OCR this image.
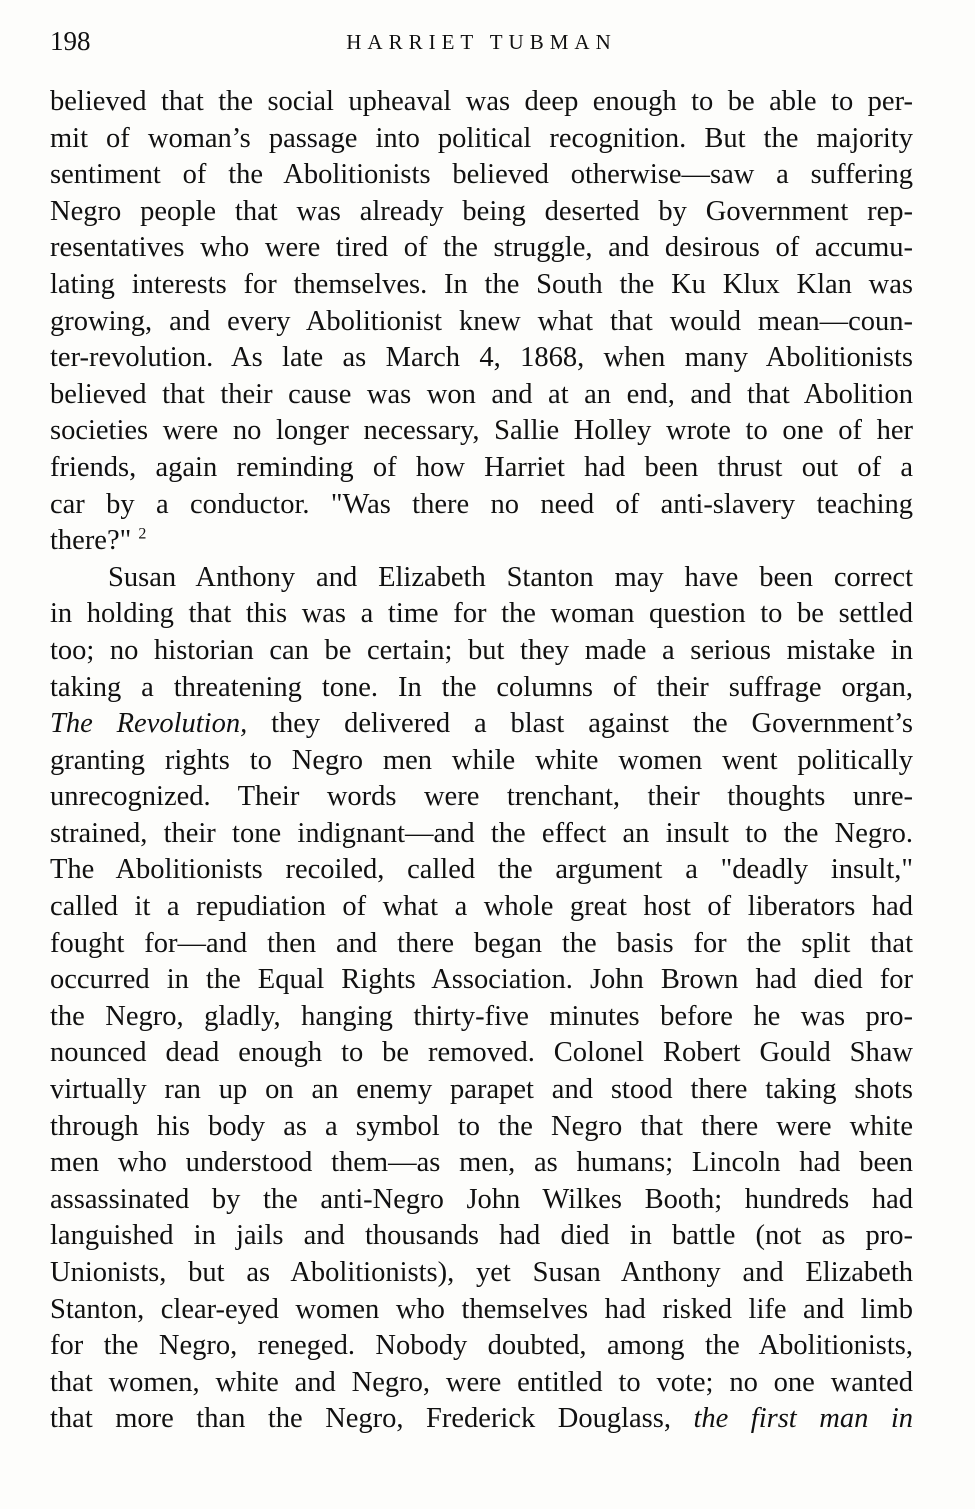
198	HARRIET TUBMAN
believed that the social upheaval was deep enough to be able to per-
mit of woman’s passage into political recognition. But the majority
sentiment of the Abolitionists believed otherwise—saw a suffering
Negro people that was already being deserted by Government rep-
resentatives who were tired of the struggle, and desirous of accumu-
lating interests for themselves. In the South the Ku Klux Klan was
growing, and every Abolitionist knew what that would mean—coun-
ter-revolution. As late as March 4, 1868, when many Abolitionists
believed that their cause was won and at an end, and that Abolition
societies were no longer necessary, Sallie Holley wrote to one of her
friends, again reminding of how Harriet had been thrust out of a
car by a conductor. "Was there no need of anti-slavery teaching
there?" $^2$
Susan Anthony and Elizabeth Stanton may have been correct
in holding that this was a time for the woman question to be settled
too; no historian can be certain; but they made a serious mistake in
taking a threatening tone. In the columns of their suffrage organ,
The Revolution, they delivered a blast against the Government’s
granting rights to Negro men while white women went politically
unrecognized. Their words were trenchant, their thoughts unre-
strained, their tone indignant—and the effect an insult to the Negro.
The Abolitionists recoiled, called the argument a "deadly insult,"
called it a repudiation of what a whole great host of liberators had
fought for—and then and there began the basis for the split that
occurred in the Equal Rights Association. John Brown had died for
the Negro, gladly, hanging thirty-five minutes before he was pro-
nounced dead enough to be removed. Colonel Robert Gould Shaw
virtually ran up on an enemy parapet and stood there taking shots
through his body as a symbol to the Negro that there were white
men who understood them—as men, as humans; Lincoln had been
assassinated by the anti-Negro John Wilkes Booth; hundreds had
languished in jails and thousands had died in battle (not as pro-
Unionists, but as Abolitionists), yet Susan Anthony and Elizabeth
Stanton, clear-eyed women who themselves had risked life and limb
for the Negro, reneged. Nobody doubted, among the Abolitionists,
that women, white and Negro, were entitled to vote; no one wanted
that more than the Negro, Frederick Douglass, the first man in
